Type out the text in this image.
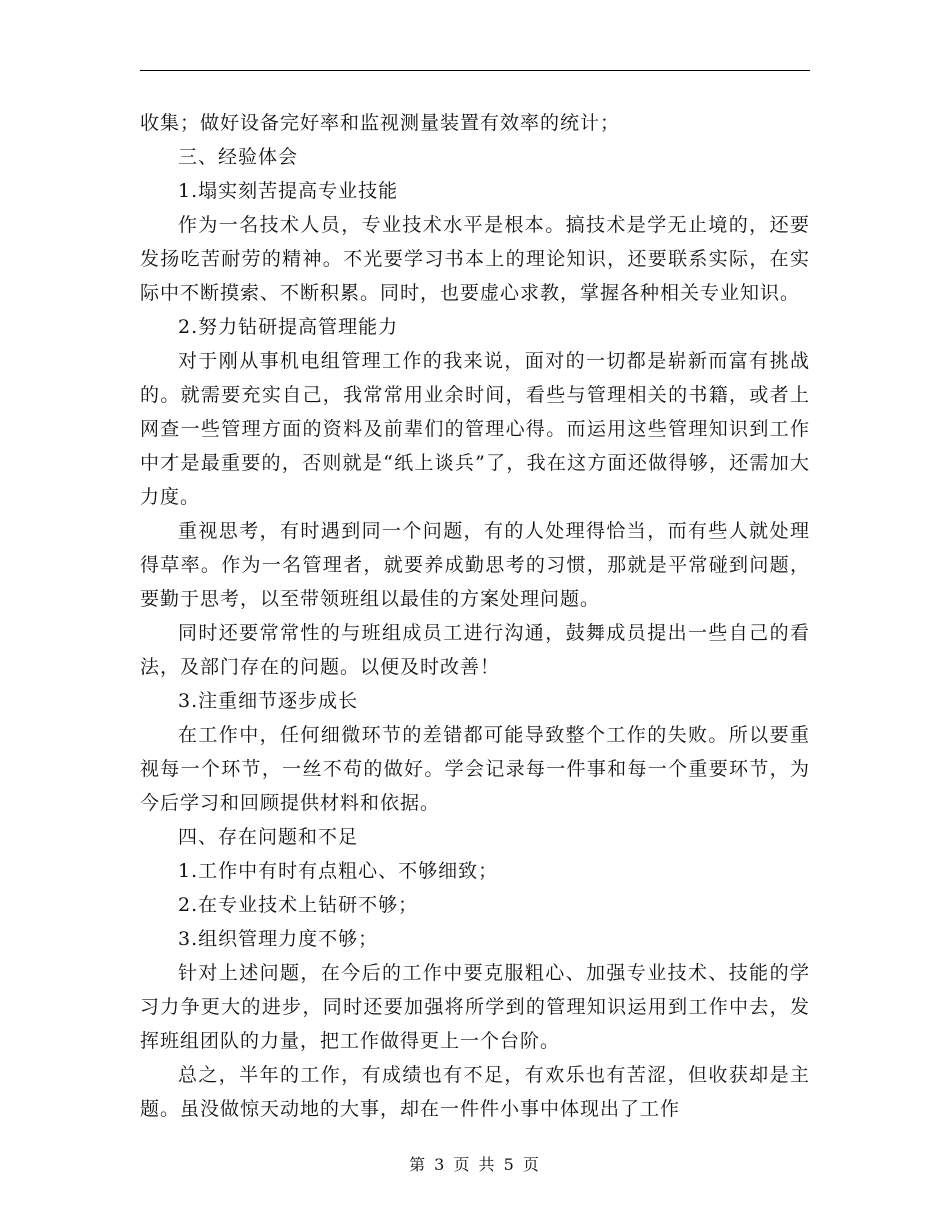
收集；做好设备完好率和监视测量装置有效率的统计；

三、经验体会

1.塌实刻苦提高专业技能

作为一名技术人员，专业技术水平是根本。搞技术是学无止境的，还要发扬吃苦耐劳的精神。不光要学习书本上的理论知识，还要联系实际，在实际中不断摸索、不断积累。同时，也要虚心求教，掌握各种相关专业知识。

2.努力钻研提高管理能力

对于刚从事机电组管理工作的我来说，面对的一切都是崭新而富有挑战的。就需要充实自己，我常常用业余时间，看些与管理相关的书籍，或者上网查一些管理方面的资料及前辈们的管理心得。而运用这些管理知识到工作中才是最重要的，否则就是“纸上谈兵”了，我在这方面还做得够，还需加大力度。

重视思考，有时遇到同一个问题，有的人处理得恰当，而有些人就处理得草率。作为一名管理者，就要养成勤思考的习惯，那就是平常碰到问题，要勤于思考，以至带领班组以最佳的方案处理问题。

同时还要常常性的与班组成员工进行沟通，鼓舞成员提出一些自己的看法，及部门存在的问题。以便及时改善！

3.注重细节逐步成长

在工作中，任何细微环节的差错都可能导致整个工作的失败。所以要重视每一个环节，一丝不苟的做好。学会记录每一件事和每一个重要环节，为今后学习和回顾提供材料和依据。

四、存在问题和不足

1.工作中有时有点粗心、不够细致；

2.在专业技术上钻研不够；

3.组织管理力度不够；

针对上述问题，在今后的工作中要克服粗心、加强专业技术、技能的学习力争更大的进步，同时还要加强将所学到的管理知识运用到工作中去，发挥班组团队的力量，把工作做得更上一个台阶。

总之，半年的工作，有成绩也有不足，有欢乐也有苦涩，但收获却是主题。虽没做惊天动地的大事，却在一件件小事中体现出了工作

第 3 页 共 5 页
